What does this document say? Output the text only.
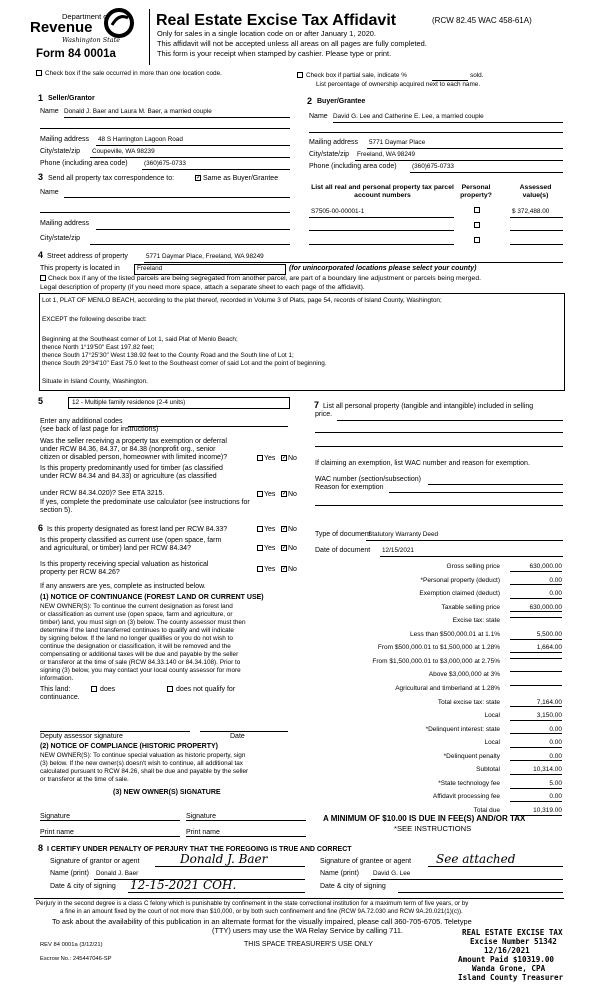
Department of
Revenue
Washington State
Form 84 0001a
Real Estate Excise Tax Affidavit	(RCW 82.45 WAC 458-61A)
Only for sales in a single location code on or after January 1, 2020.
This affidavit will not be accepted unless all areas on all pages are fully completed.
This form is your receipt when stamped by cashier. Please type or print.
Check box if the sale occurred in more than one location code.	Check box if partial sale, indicate %	sold.
List percentage of ownership acquired next to each name.
1 Seller/Grantor
Name Donald J. Baer and Laura M. Baer, a married couple
Mailing address 48 S Harrington Lagoon Road
City/state/zip Coupeville, WA 98239
Phone (including area code)	(360)675-0733
2 Buyer/Grantee
Name David G. Lee and Catherine E. Lee, a married couple
Mailing address 5771 Daymar Place
City/state/zip Freeland, WA 98249
Phone (including area code) (360)675-0733
3 Send all property tax correspondence to:	✓ Same as Buyer/Grantee
Name
Mailing address
City/state/zip
List all real and personal property tax parcel account numbers
Personal property?
Assessed value(s)
S7505-00-00001-1	$ 372,488.00
4 Street address of property	5771 Daymar Place, Freeland, WA 98249
This property is located in	Freeland	(for unincorporated locations please select your county)
Check box if any of the listed parcels are being segregated from another parcel, are part of a boundary line adjustment or parcels being merged.
Legal description of property (if you need more space, attach a separate sheet to each page of the affidavit).
Lot 1, PLAT OF MENLO BEACH, according to the plat thereof, recorded in Volume 3 of Plats, page 54, records of Island County, Washington;
EXCEPT the following describe tract:
Beginning at the Southeast corner of Lot 1, said Plat of Menlo Beach;
thence North 1°19'50" East 197.82 feet;
thence South 17°25'30" West 138.92 feet to the County Road and the South line of Lot 1;
thence South 29°34'10" East 75.0 feet to the Southeast corner of said Lot and the point of beginning.
Situate in Island County, Washington.
5	12 - Multiple family residence (2-4 units)
Enter any additional codes
(see back of last page for instructions)
Was the seller receiving a property tax exemption or deferral
under RCW 84.36, 84.37, or 84.38 (nonprofit org., senior
citizen or disabled person, homeowner with limited income)?	Yes ✓ No
Is this property predominantly used for timber (as classified
under RCW 84.34 and 84.33) or agriculture (as classified
under RCW 84.34.020)? See ETA 3215.	Yes ✓ No
If yes, complete the predominate use calculator (see instructions for
section 5).
6 Is this property designated as forest land per RCW 84.33?	Yes ✓ No
Is this property classified as current use (open space, farm
and agricultural, or timber) land per RCW 84.34?	Yes ✓ No
Is this property receiving special valuation as historical
property per RCW 84.26?	Yes ✓ No
If any answers are yes, complete as instructed below.
(1) NOTICE OF CONTINUANCE (FOREST LAND OR CURRENT USE)
NEW OWNER(S): To continue the current designation as forest land
or classification as current use (open space, farm and agriculture, or
timber) land, you must sign on (3) below. The county assessor must then
determine if the land transferred continues to qualify and will indicate
by signing below. If the land no longer qualifies or you do not wish to
continue the designation or classification, it will be removed and the
compensating or additional taxes will be due and payable by the seller
or transferor at the time of sale (RCW 84.33.140 or 84.34.108). Prior to
signing (3) below, you may contact your local county assessor for more
information.
This land:	does	does not qualify for
continuance.
Deputy assessor signature	Date
(2) NOTICE OF COMPLIANCE (HISTORIC PROPERTY)
NEW OWNER(S): To continue special valuation as historic property, sign
(3) below. If the new owner(s) doesn't wish to continue, all additional tax
calculated pursuant to RCW 84.26, shall be due and payable by the seller
or transferor at the time of sale.
(3) NEW OWNER(S) SIGNATURE
Signature	Signature
Print name	Print name
7 List all personal property (tangible and intangible) included in selling
price.
If claiming an exemption, list WAC number and reason for exemption.
WAC number (section/subsection)
Reason for exemption
Type of document
Statutory Warranty Deed
Date of document 12/15/2021
Gross selling price	630,000.00
*Personal property (deduct)	0.00
Exemption claimed (deduct)	0.00
Taxable selling price	630,000.00
Excise tax: state
Less than $500,000.01 at 1.1%	5,500.00
From $500,000.01 to $1,500,000 at 1.28%	1,664.00
From $1,500,000.01 to $3,000,000 at 2.75%
Above $3,000,000 at 3%
Agricultural and timberland at 1.28%
Total excise tax: state	7,164.00
Local	3,150.00
*Delinquent interest: state	0.00
Local	0.00
*Delinquent penalty	0.00
Subtotal	10,314.00
*State technology fee	5.00
Affidavit processing fee	0.00
Total due	10,319.00
A MINIMUM OF $10.00 IS DUE IN FEE(S) AND/OR TAX
*SEE INSTRUCTIONS
8 I CERTIFY UNDER PENALTY OF PERJURY THAT THE FOREGOING IS TRUE AND CORRECT
Signature of grantor or agent	Donald J. Baer
Name (print) Donald J. Baer
Date & city of signing 12-15-2021 COH.
Signature of grantee or agent See attached
Name (print) David G. Lee
Date & city of signing
Perjury in the second degree is a class C felony which is punishable by confinement in the state correctional institution for a maximum term of five years, or by
a fine in an amount fixed by the court of not more than $10,000, or by both such confinement and fine (RCW 9A.72.030 and RCW 9A.20.021(1)(c)).
To ask about the availability of this publication in an alternate format for the visually impaired, please call 360-705-6705. Teletype
(TTY) users may use the WA Relay Service by calling 711.
REV 84 0001a (3/12/21)	THIS SPACE TREASURER'S USE ONLY
Escrow No.: 245447046-SP
REAL ESTATE EXCISE TAX
Excise Number 51342
12/16/2021
Amount Paid $10319.00
Wanda Grone, CPA
Island County Treasurer
